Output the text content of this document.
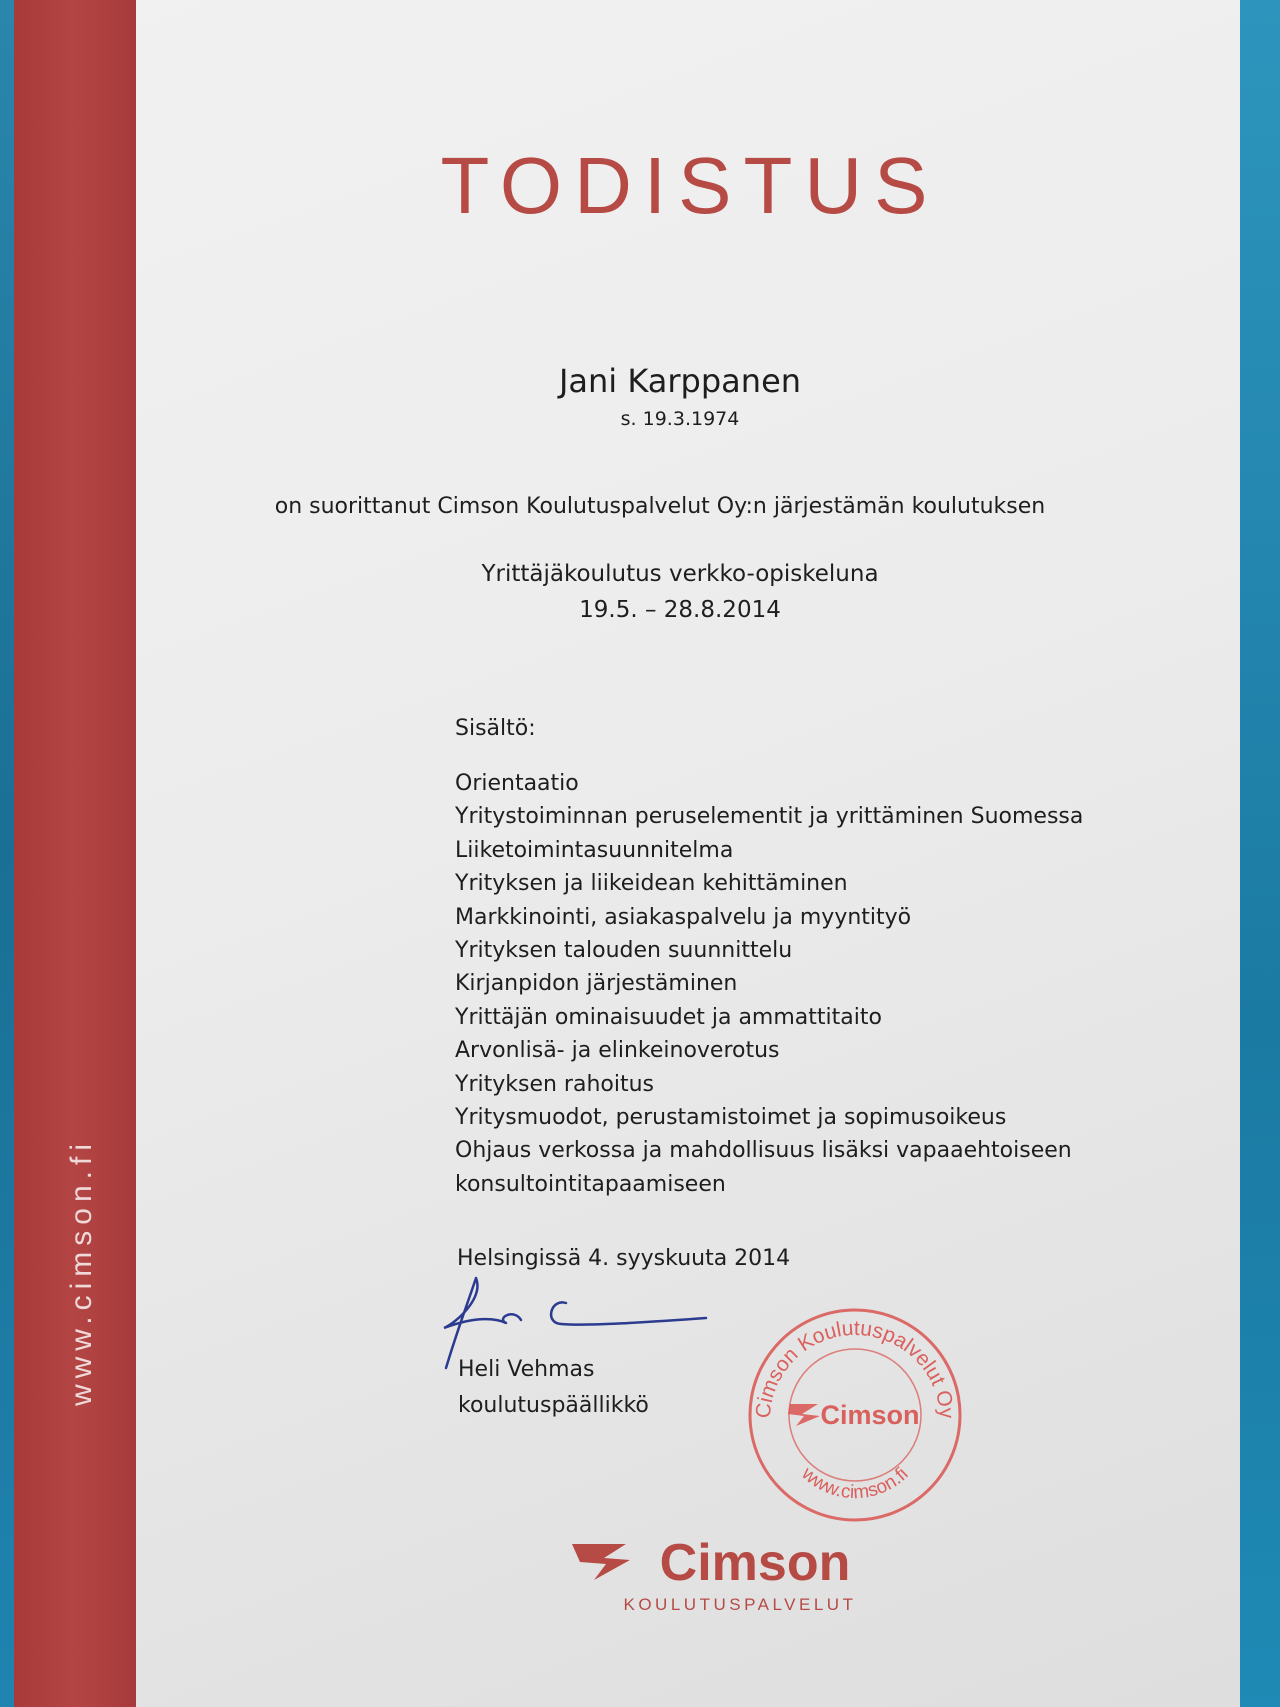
www.cimson.fi
TODISTUS
Jani Karppanen
s. 19.3.1974
on suorittanut Cimson Koulutuspalvelut Oy:n järjestämän koulutuksen
Yrittäjäkoulutus verkko-opiskeluna
19.5. – 28.8.2014
Sisältö:
Orientaatio
Yritystoiminnan peruselementit ja yrittäminen Suomessa
Liiketoimintasuunnitelma
Yrityksen ja liikeidean kehittäminen
Markkinointi, asiakaspalvelu ja myyntityö
Yrityksen talouden suunnittelu
Kirjanpidon järjestäminen
Yrittäjän ominaisuudet ja ammattitaito
Arvonlisä- ja elinkeinoverotus
Yrityksen rahoitus
Yritysmuodot, perustamistoimet ja sopimusoikeus
Ohjaus verkossa ja mahdollisuus lisäksi vapaaehtoiseen
konsultointitapaamiseen
Helsingissä 4. syyskuuta 2014
Heli Vehmas
koulutuspäällikkö	Cimson Koulutuspalvelut Oy
www.cimson.fi
Cimson
Cimson
KOULUTUSPALVELUT
